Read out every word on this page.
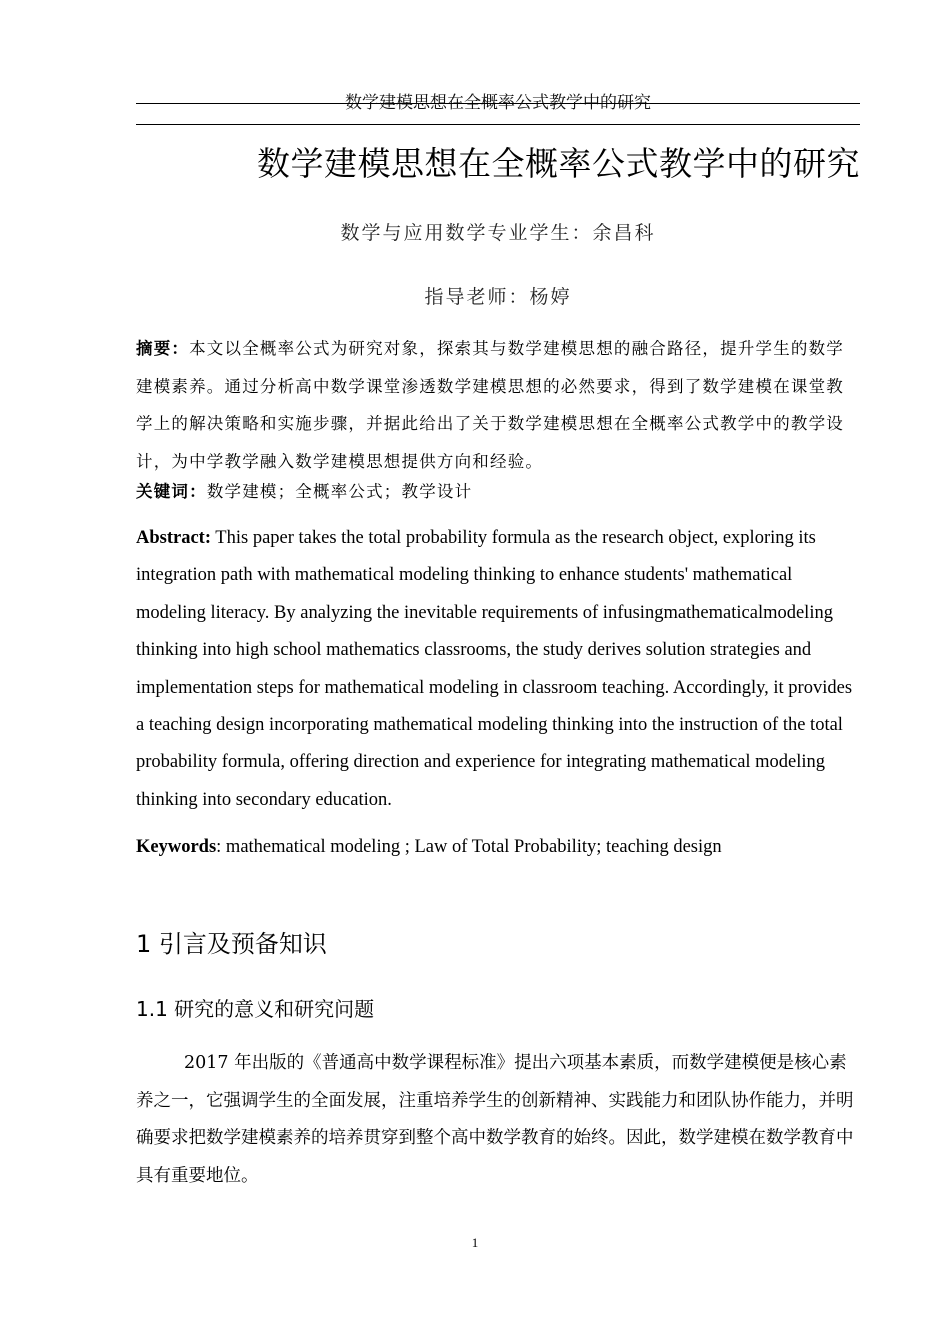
数学建模思想在全概率公式教学中的研究
数学建模思想在全概率公式教学中的研究
数学与应用数学专业学生：余昌科
指导老师：杨婷

摘要：本文以全概率公式为研究对象，探索其与数学建模思想的融合路径，提升学生的数学建模素养。通过分析高中数学课堂渗透数学建模思想的必然要求，得到了数学建模在课堂教学上的解决策略和实施步骤，并据此给出了关于数学建模思想在全概率公式教学中的教学设计，为中学教学融入数学建模思想提供方向和经验。

关键词：数学建模；全概率公式；教学设计

Abstract: This paper takes the total probability formula as the research object, exploring its integration path with mathematical modeling thinking to enhance students' mathematical modeling literacy. By analyzing the inevitable requirements of infusingmathematicalmodeling thinking into high school mathematics classrooms, the study derives solution strategies and implementation steps for mathematical modeling in classroom teaching. Accordingly, it provides a teaching design incorporating mathematical modeling thinking into the instruction of the total probability formula, offering direction and experience for integrating mathematical modeling thinking into secondary education.

Keywords: mathematical modeling ; Law of Total Probability; teaching design
1 引言及预备知识
1.1 研究的意义和研究问题

2017 年出版的《普通高中数学课程标准》提出六项基本素质，而数学建模便是核心素养之一，它强调学生的全面发展，注重培养学生的创新精神、实践能力和团队协作能力，并明确要求把数学建模素养的培养贯穿到整个高中数学教育的始终。因此，数学建模在数学教育中具有重要地位。

1
